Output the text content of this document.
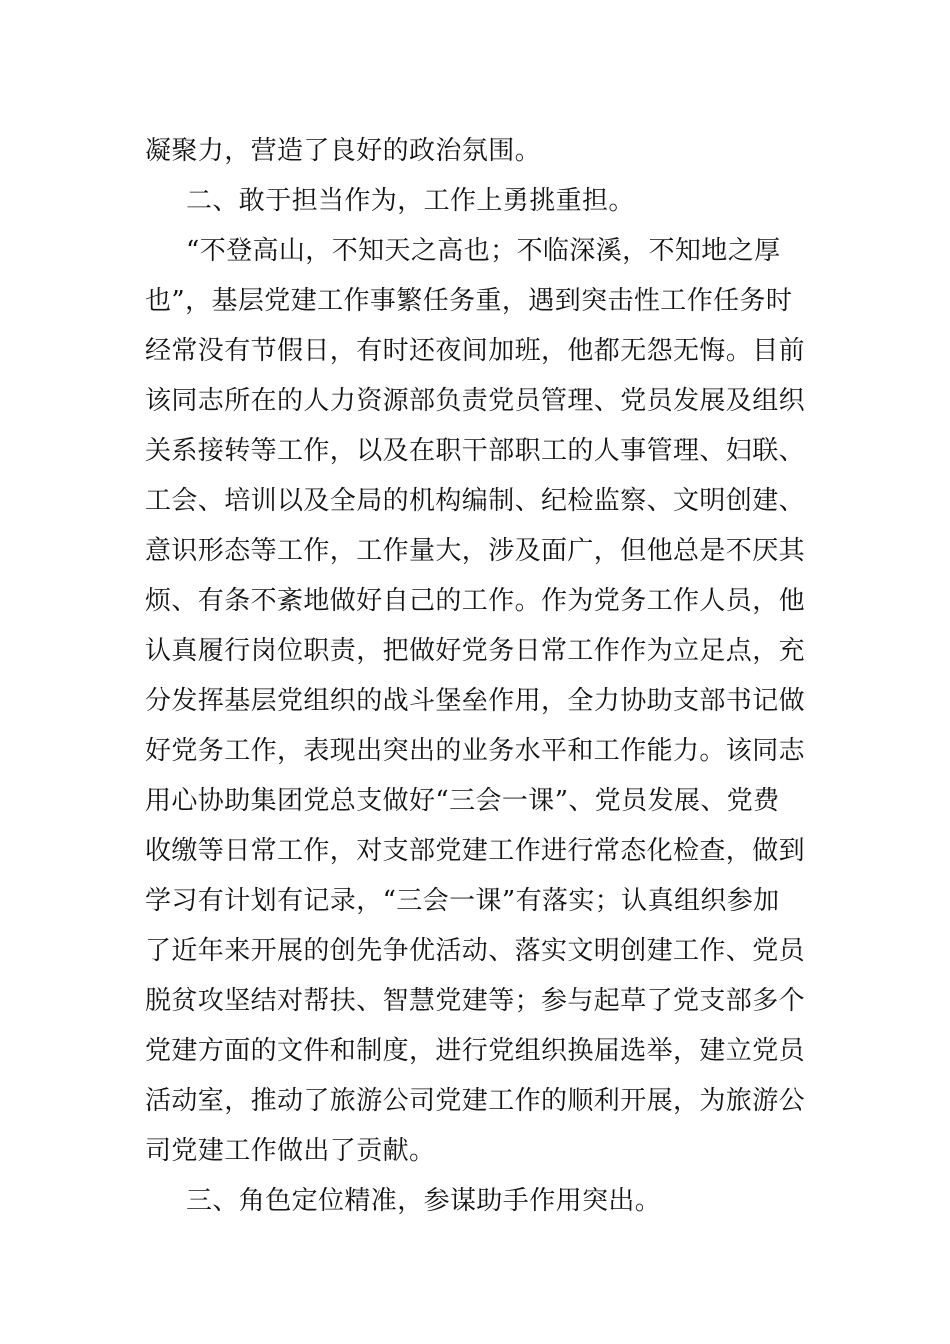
凝聚力，营造了良好的政治氛围。
二、敢于担当作为，工作上勇挑重担。
“不登高山，不知天之高也；不临深溪，不知地之厚
也”，基层党建工作事繁任务重，遇到突击性工作任务时
经常没有节假日，有时还夜间加班，他都无怨无悔。目前
该同志所在的人力资源部负责党员管理、党员发展及组织
关系接转等工作，以及在职干部职工的人事管理、妇联、
工会、培训以及全局的机构编制、纪检监察、文明创建、
意识形态等工作，工作量大，涉及面广，但他总是不厌其
烦、有条不紊地做好自己的工作。作为党务工作人员，他
认真履行岗位职责，把做好党务日常工作作为立足点，充
分发挥基层党组织的战斗堡垒作用，全力协助支部书记做
好党务工作，表现出突出的业务水平和工作能力。该同志
用心协助集团党总支做好“三会一课”、党员发展、党费
收缴等日常工作，对支部党建工作进行常态化检查，做到
学习有计划有记录，“三会一课”有落实；认真组织参加
了近年来开展的创先争优活动、落实文明创建工作、党员
脱贫攻坚结对帮扶、智慧党建等；参与起草了党支部多个
党建方面的文件和制度，进行党组织换届选举，建立党员
活动室，推动了旅游公司党建工作的顺利开展，为旅游公
司党建工作做出了贡献。
三、角色定位精准，参谋助手作用突出。
